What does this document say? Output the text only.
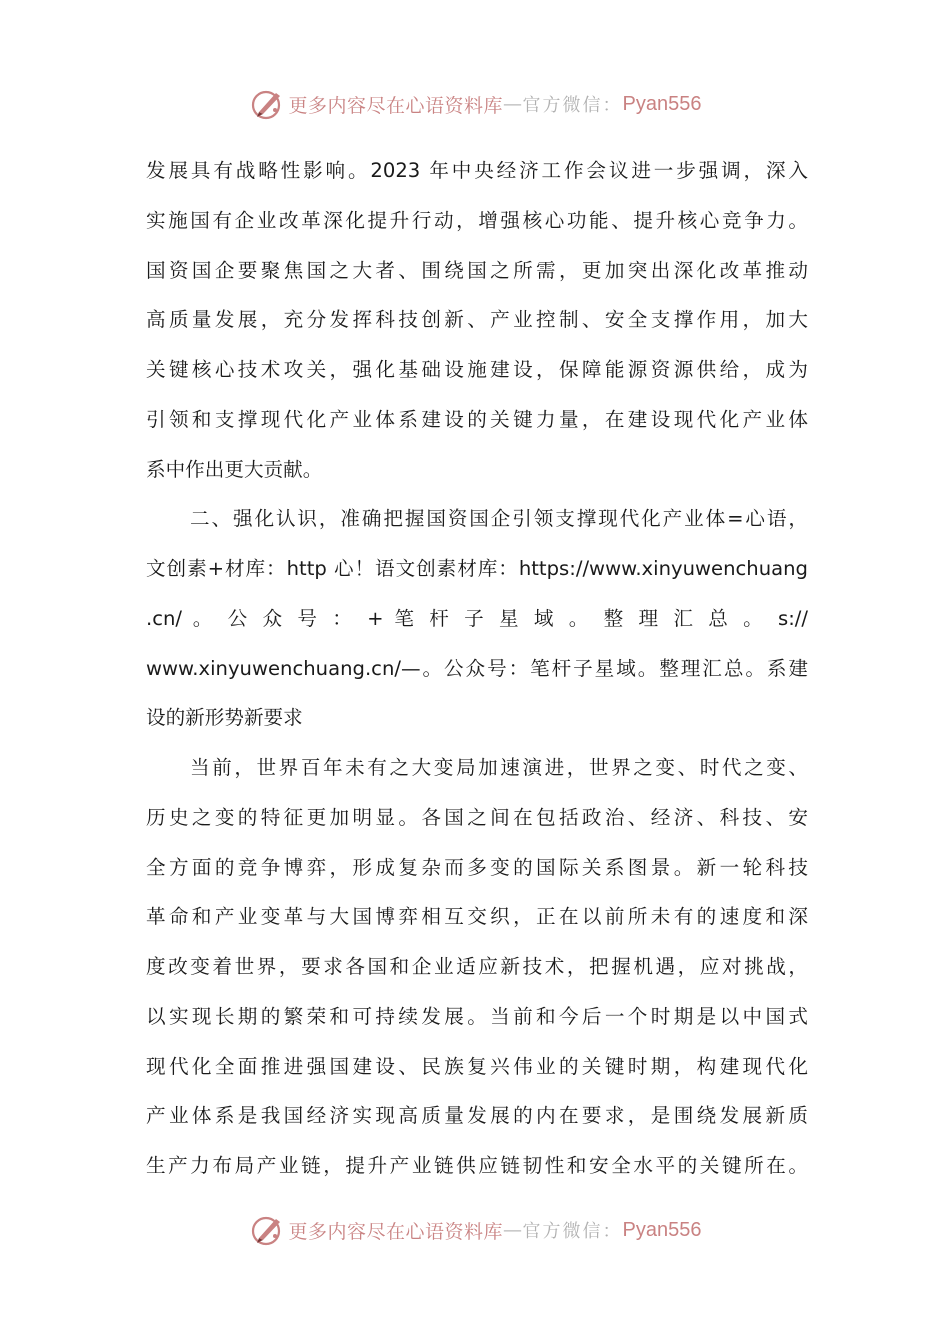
更多内容尽在心语资料库 — 官方微信： Pyan556
发展具有战略性影响。2023 年中央经济工作会议进一步强调，深入
实施国有企业改革深化提升行动，增强核心功能、提升核心竞争力。
国资国企要聚焦国之大者、围绕国之所需，更加突出深化改革推动
高质量发展，充分发挥科技创新、产业控制、安全支撑作用，加大
关键核心技术攻关，强化基础设施建设，保障能源资源供给，成为
引领和支撑现代化产业体系建设的关键力量，在建设现代化产业体
系中作出更大贡献。
二、强化认识，准确把握国资国企引领支撑现代化产业体=心语，
文创素+材库：http 心！语文创素材库：https://www.xinyuwenchuang
.cn/ 。 公 众 号 ： + 笔 杆 子 星 域 。 整 理 汇 总 。 s://
www.xinyuwenchuang.cn/—。公众号：笔杆子星域。整理汇总。系建
设的新形势新要求
当前，世界百年未有之大变局加速演进，世界之变、时代之变、
历史之变的特征更加明显。各国之间在包括政治、经济、科技、安
全方面的竞争博弈，形成复杂而多变的国际关系图景。新一轮科技
革命和产业变革与大国博弈相互交织，正在以前所未有的速度和深
度改变着世界，要求各国和企业适应新技术，把握机遇，应对挑战，
以实现长期的繁荣和可持续发展。当前和今后一个时期是以中国式
现代化全面推进强国建设、民族复兴伟业的关键时期，构建现代化
产业体系是我国经济实现高质量发展的内在要求，是围绕发展新质
生产力布局产业链，提升产业链供应链韧性和安全水平的关键所在。
更多内容尽在心语资料库 — 官方微信： Pyan556
